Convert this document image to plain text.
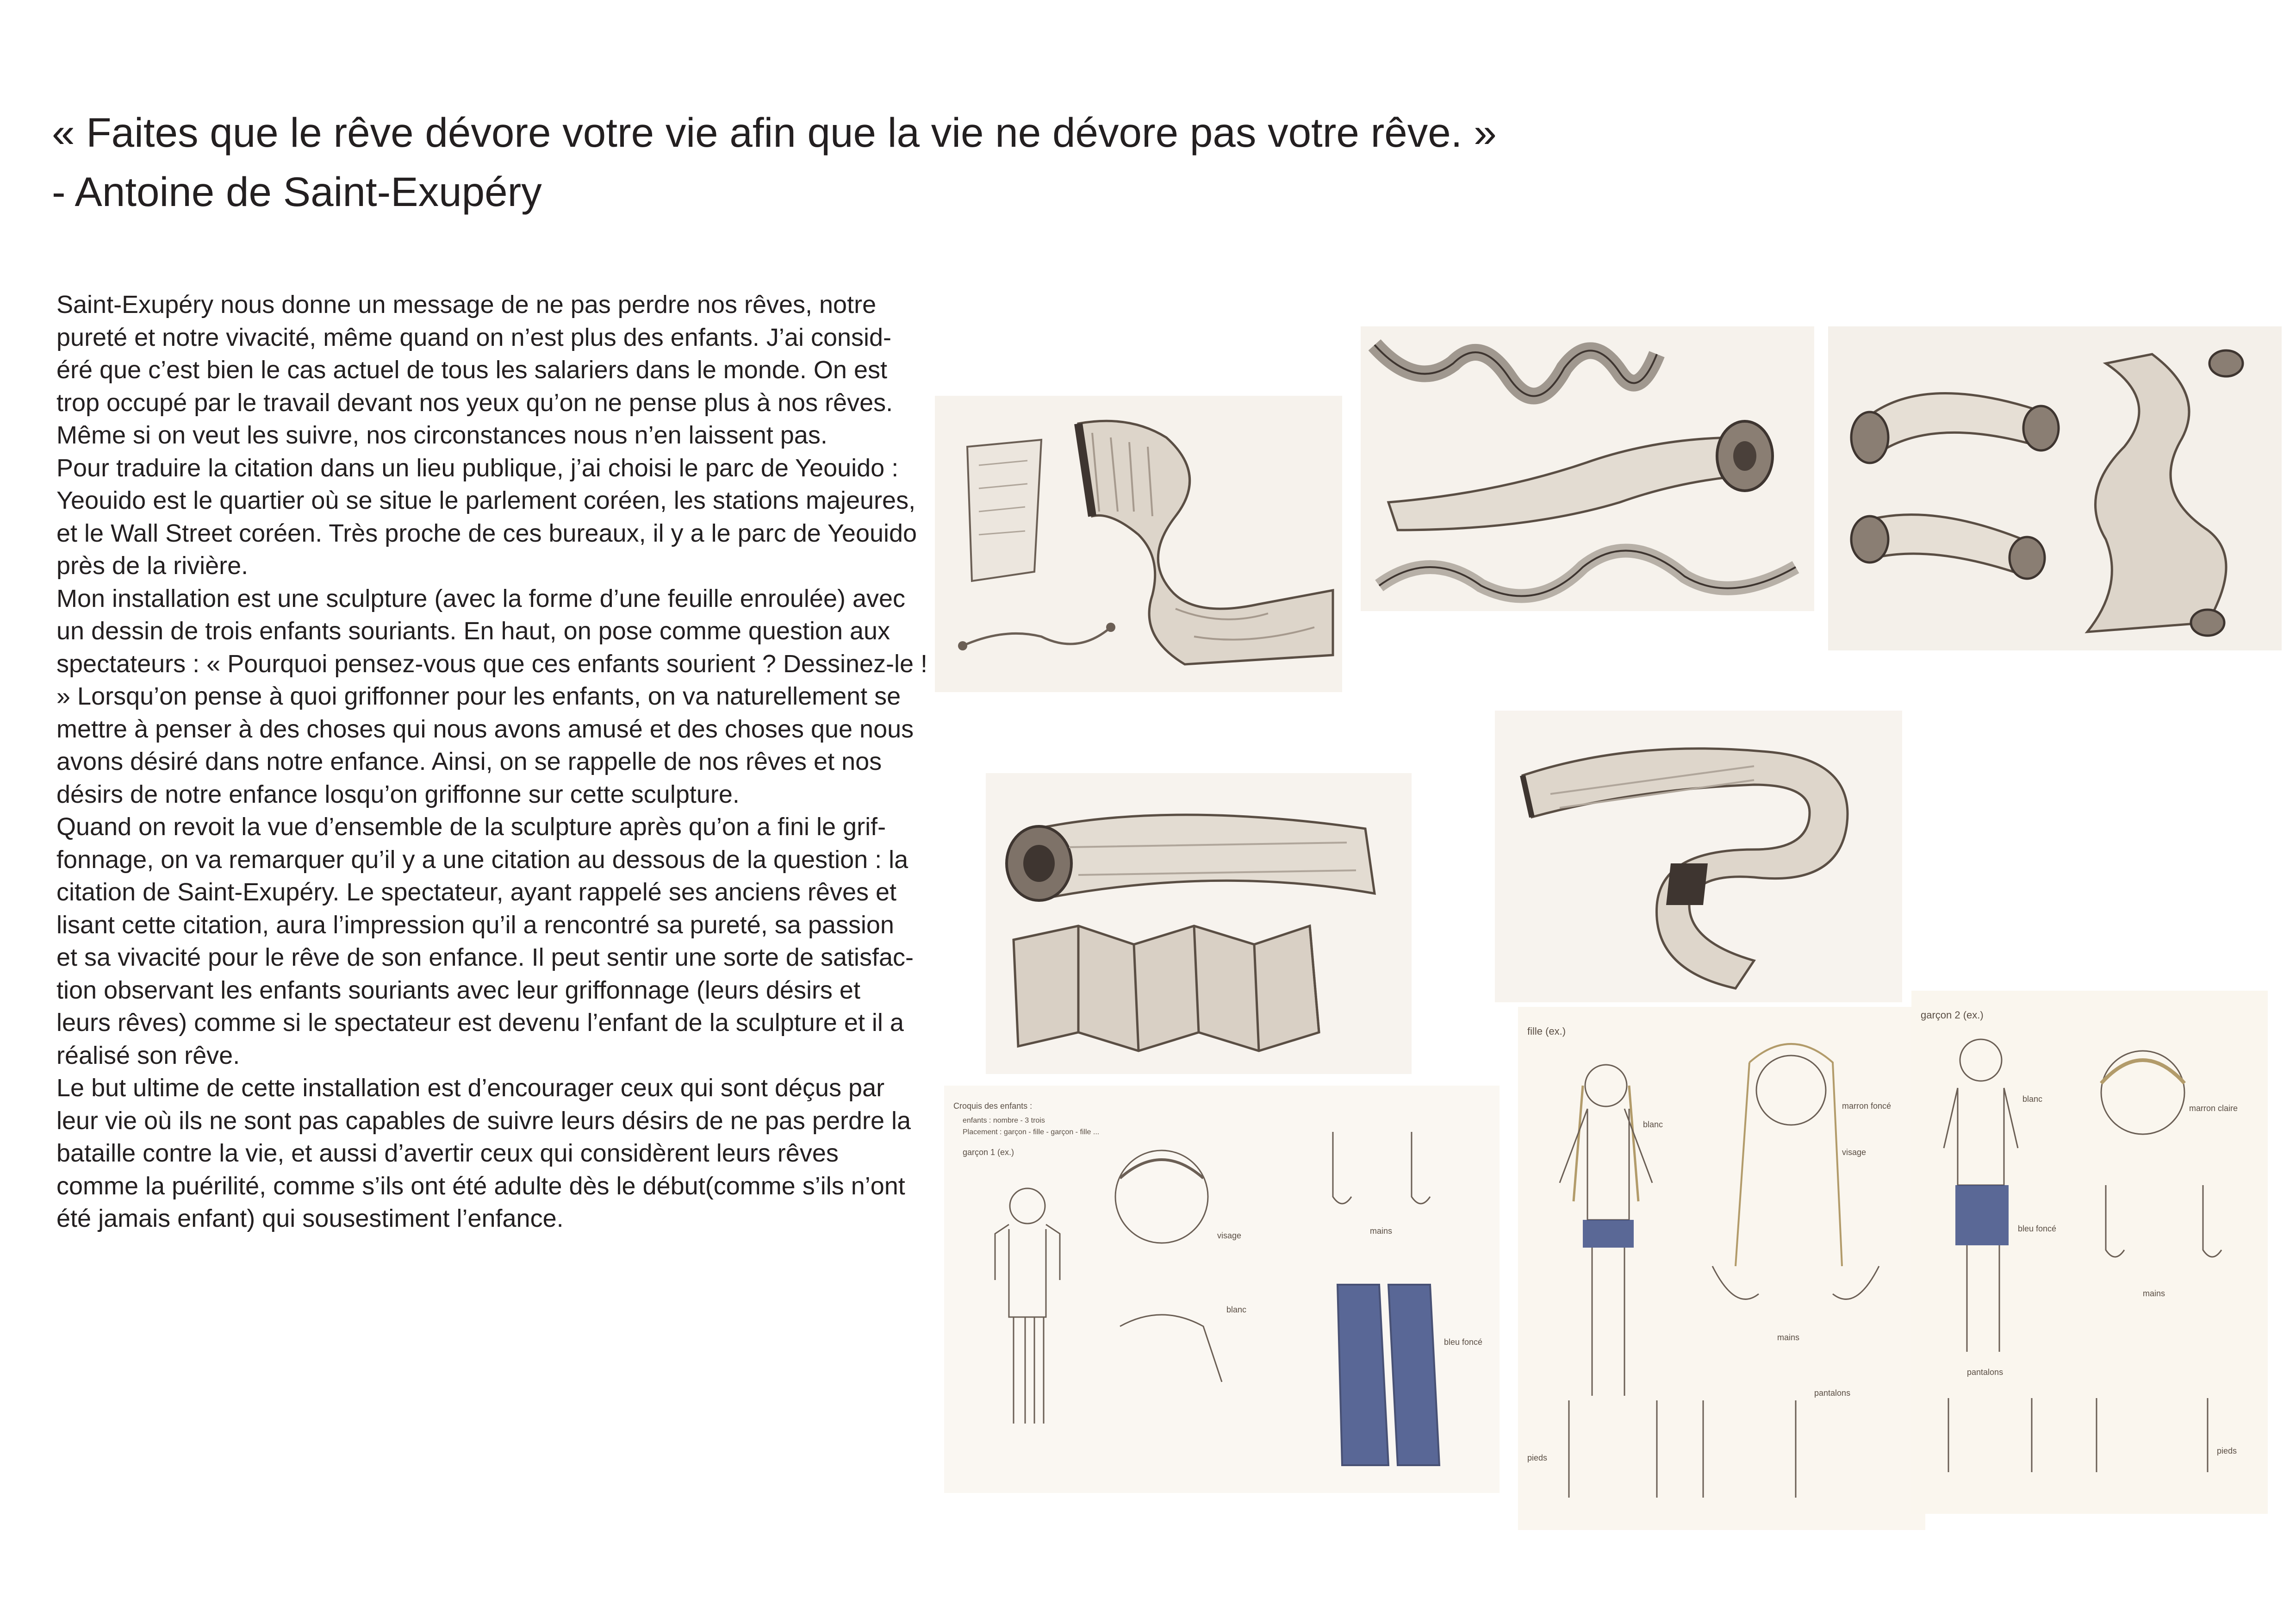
« Faites que le rêve dévore votre vie afin que la vie ne dévore pas votre rêve. »
- Antoine de Saint-Exupéry
Saint-Exupéry nous donne un message de ne pas perdre nos rêves, notre
pureté et notre vivacité, même quand on n’est plus des enfants. J’ai consid-
éré que c’est bien le cas actuel de tous les salariers dans le monde. On est
trop occupé par le travail devant nos yeux qu’on ne pense plus à nos rêves.
Même si on veut les suivre, nos circonstances nous n’en laissent pas.
Pour traduire la citation dans un lieu publique, j’ai choisi le parc de Yeouido :
Yeouido est le quartier où se situe le parlement coréen, les stations majeures,
et le Wall Street coréen. Très proche de ces bureaux, il y a le parc de Yeouido
près de la rivière.
Mon installation est une sculpture (avec la forme d’une feuille enroulée) avec
un dessin de trois enfants souriants. En haut, on pose comme question aux
spectateurs : « Pourquoi pensez-vous que ces enfants sourient ? Dessinez-le !
» Lorsqu’on pense à quoi griffonner pour les enfants, on va naturellement se
mettre à penser à des choses qui nous avons amusé et des choses que nous
avons désiré dans notre enfance. Ainsi, on se rappelle de nos rêves et nos
désirs de notre enfance losqu’on griffonne sur cette sculpture.
Quand on revoit la vue d’ensemble de la sculpture après qu’on a fini le grif-
fonnage, on va remarquer qu’il y a une citation au dessous de la question : la
citation de Saint-Exupéry. Le spectateur, ayant rappelé ses anciens rêves et
lisant cette citation, aura l’impression qu’il a rencontré sa pureté, sa passion
et sa vivacité pour le rêve de son enfance. Il peut sentir une sorte de satisfac-
tion observant les enfants souriants avec leur griffonnage (leurs désirs et
leurs rêves) comme si le spectateur est devenu l’enfant de la sculpture et il a
réalisé son rêve.
Le but ultime de cette installation est d’encourager ceux qui sont déçus par
leur vie où ils ne sont pas capables de suivre leurs désirs de ne pas perdre la
bataille contre la vie, et aussi d’avertir ceux qui considèrent leurs rêves
comme la puérilité, comme s’ils ont été adulte dès le début(comme s’ils n’ont
été jamais enfant) qui sousestiment l’enfance.
Croquis des enfants :
enfants : nombre - 3 trois
Placement : garçon - fille - garçon - fille ...
garçon 1 (ex.)
visage
blanc
mains
bleu foncé
fille (ex.)
blanc
marron foncé
visage
mains
pieds
pantalons
garçon 2 (ex.)
blanc
bleu foncé
marron claire
mains
pantalons
pieds
